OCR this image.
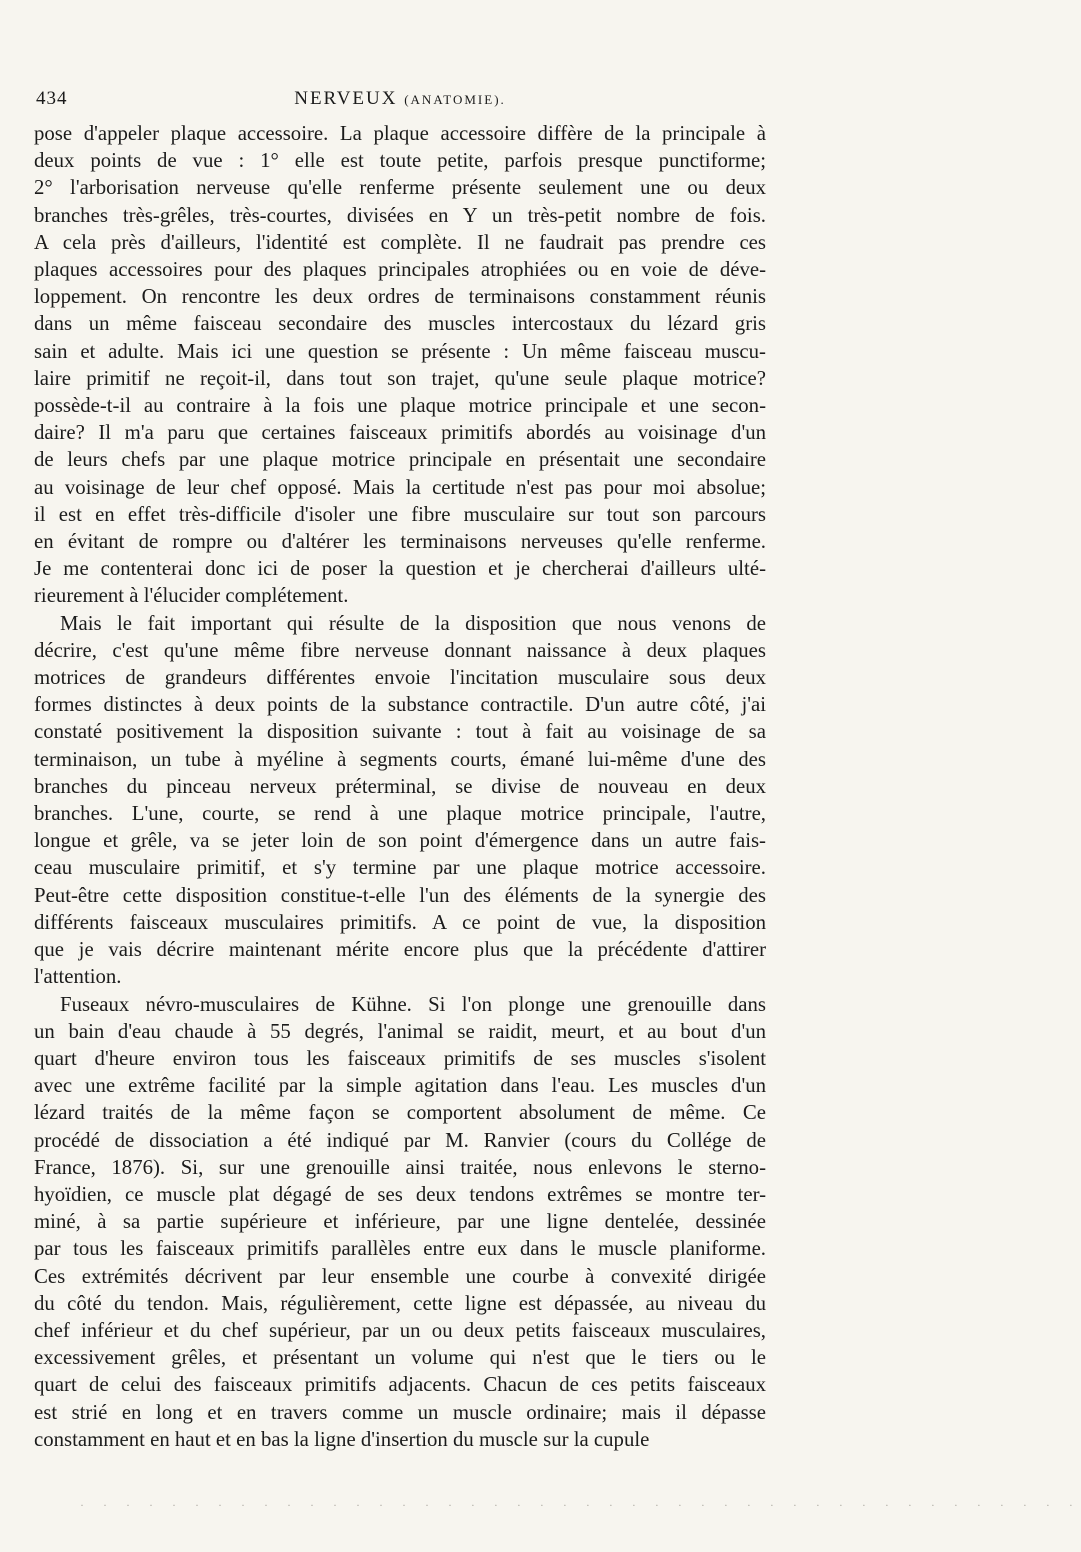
434	NERVEUX (ANATOMIE).

pose d'appeler plaque accessoire. La plaque accessoire diffère de la principale à
deux points de vue : 1° elle est toute petite, parfois presque punctiforme;
2° l'arborisation nerveuse qu'elle renferme présente seulement une ou deux
branches très-grêles, très-courtes, divisées en Y un très-petit nombre de fois.
A cela près d'ailleurs, l'identité est complète. Il ne faudrait pas prendre ces
plaques accessoires pour des plaques principales atrophiées ou en voie de déve-
loppement. On rencontre les deux ordres de terminaisons constamment réunis
dans un même faisceau secondaire des muscles intercostaux du lézard gris
sain et adulte. Mais ici une question se présente : Un même faisceau muscu-
laire primitif ne reçoit-il, dans tout son trajet, qu'une seule plaque motrice?
possède-t-il au contraire à la fois une plaque motrice principale et une secon-
daire? Il m'a paru que certaines faisceaux primitifs abordés au voisinage d'un
de leurs chefs par une plaque motrice principale en présentait une secondaire
au voisinage de leur chef opposé. Mais la certitude n'est pas pour moi absolue;
il est en effet très-difficile d'isoler une fibre musculaire sur tout son parcours
en évitant de rompre ou d'altérer les terminaisons nerveuses qu'elle renferme.
Je me contenterai donc ici de poser la question et je chercherai d'ailleurs ulté-
rieurement à l'élucider complétement.

Mais le fait important qui résulte de la disposition que nous venons de
décrire, c'est qu'une même fibre nerveuse donnant naissance à deux plaques
motrices de grandeurs différentes envoie l'incitation musculaire sous deux
formes distinctes à deux points de la substance contractile. D'un autre côté, j'ai
constaté positivement la disposition suivante : tout à fait au voisinage de sa
terminaison, un tube à myéline à segments courts, émané lui-même d'une des
branches du pinceau nerveux préterminal, se divise de nouveau en deux
branches. L'une, courte, se rend à une plaque motrice principale, l'autre,
longue et grêle, va se jeter loin de son point d'émergence dans un autre fais-
ceau musculaire primitif, et s'y termine par une plaque motrice accessoire.
Peut-être cette disposition constitue-t-elle l'un des éléments de la synergie des
différents faisceaux musculaires primitifs. A ce point de vue, la disposition
que je vais décrire maintenant mérite encore plus que la précédente d'attirer
l'attention.

Fuseaux névro-musculaires de Kühne. Si l'on plonge une grenouille dans
un bain d'eau chaude à 55 degrés, l'animal se raidit, meurt, et au bout d'un
quart d'heure environ tous les faisceaux primitifs de ses muscles s'isolent
avec une extrême facilité par la simple agitation dans l'eau. Les muscles d'un
lézard traités de la même façon se comportent absolument de même. Ce
procédé de dissociation a été indiqué par M. Ranvier (cours du Collége de
France, 1876). Si, sur une grenouille ainsi traitée, nous enlevons le sterno-
hyoïdien, ce muscle plat dégagé de ses deux tendons extrêmes se montre ter-
miné, à sa partie supérieure et inférieure, par une ligne dentelée, dessinée
par tous les faisceaux primitifs parallèles entre eux dans le muscle planiforme.
Ces extrémités décrivent par leur ensemble une courbe à convexité dirigée
du côté du tendon. Mais, régulièrement, cette ligne est dépassée, au niveau du
chef inférieur et du chef supérieur, par un ou deux petits faisceaux musculaires,
excessivement grêles, et présentant un volume qui n'est que le tiers ou le
quart de celui des faisceaux primitifs adjacents. Chacun de ces petits faisceaux
est strié en long et en travers comme un muscle ordinaire; mais il dépasse
constamment en haut et en bas la ligne d'insertion du muscle sur la cupule

· · · · · · · · · · · · · · · · · · · · · · · · · · · · · · · · · · · · · · · · · · · ·
